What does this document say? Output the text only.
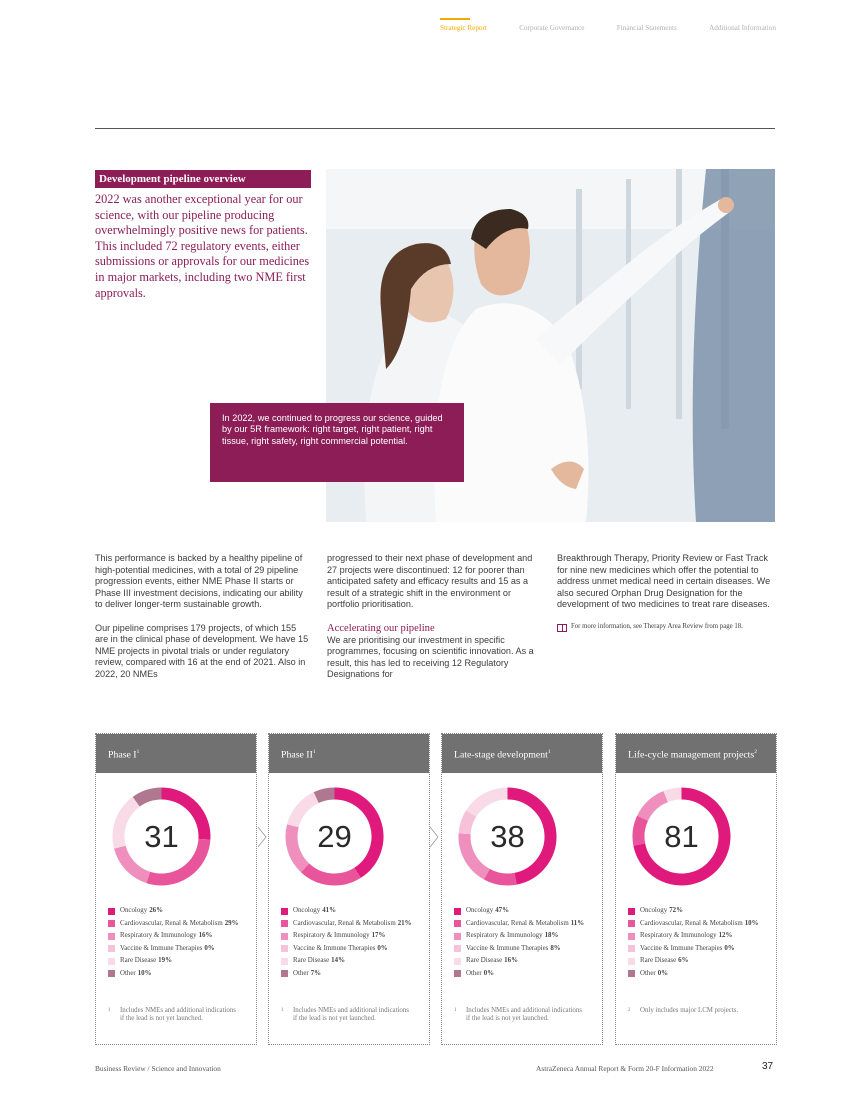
Strategic Report	Corporate Governance	Financial Statements	Additional Information
Development pipeline overview
2022 was another exceptional year for our science, with our pipeline producing overwhelmingly positive news for patients. This included 72 regulatory events, either submissions or approvals for our medicines in major markets, including two NME first approvals.
In 2022, we continued to progress our science, guided by our 5R framework: right target, right patient, right tissue, right safety, right commercial potential.

This performance is backed by a healthy pipeline of high-potential medicines, with a total of 29 pipeline progression events, either NME Phase II starts or Phase III investment decisions, indicating our ability to deliver longer-term sustainable growth.

Our pipeline comprises 179 projects, of which 155 are in the clinical phase of development. We have 15 NME projects in pivotal trials or under regulatory review, compared with 16 at the end of 2021. Also in 2022, 20 NMEs

progressed to their next phase of development and 27 projects were discontinued: 12 for poorer than anticipated safety and efficacy results and 15 as a result of a strategic shift in the environment or portfolio prioritisation.

Accelerating our pipeline

We are prioritising our investment in specific programmes, focusing on scientific innovation. As a result, this has led to receiving 12 Regulatory Designations for

Breakthrough Therapy, Priority Review or Fast Track for nine new medicines which offer the potential to address unmet medical need in certain diseases. We also secured Orphan Drug Designation for the development of two medicines to treat rare diseases.

For more information, see Therapy Area Review from page 18.
Phase $I^1$
31
Oncology 26%
Cardiovascular, Renal & Metabolism 29%
Respiratory & Immunology 16%
Vaccine & Immune Therapies 0%
Rare Disease 19%
Other 10%
1	Includes NMEs and additional indications if the lead is not yet launched.
Phase $II^1$
29
Oncology 41%
Cardiovascular, Renal & Metabolism 21%
Respiratory & Immunology 17%
Vaccine & Immune Therapies 0%
Rare Disease 14%
Other 7%
1	Includes NMEs and additional indications if the lead is not yet launched.
Late-stage development$^1$
38
Oncology 47%
Cardiovascular, Renal & Metabolism 11%
Respiratory & Immunology 18%
Vaccine & Immune Therapies 8%
Rare Disease 16%
Other 0%
1	Includes NMEs and additional indications if the lead is not yet launched.
Life-cycle management projects$^2$
81
Oncology 72%
Cardiovascular, Renal & Metabolism 10%
Respiratory & Immunology 12%
Vaccine & Immune Therapies 0%
Rare Disease 6%
Other 0%
2	Only includes major LCM projects.
Business Review / Science and Innovation	AstraZeneca Annual Report & Form 20-F Information 2022	37
